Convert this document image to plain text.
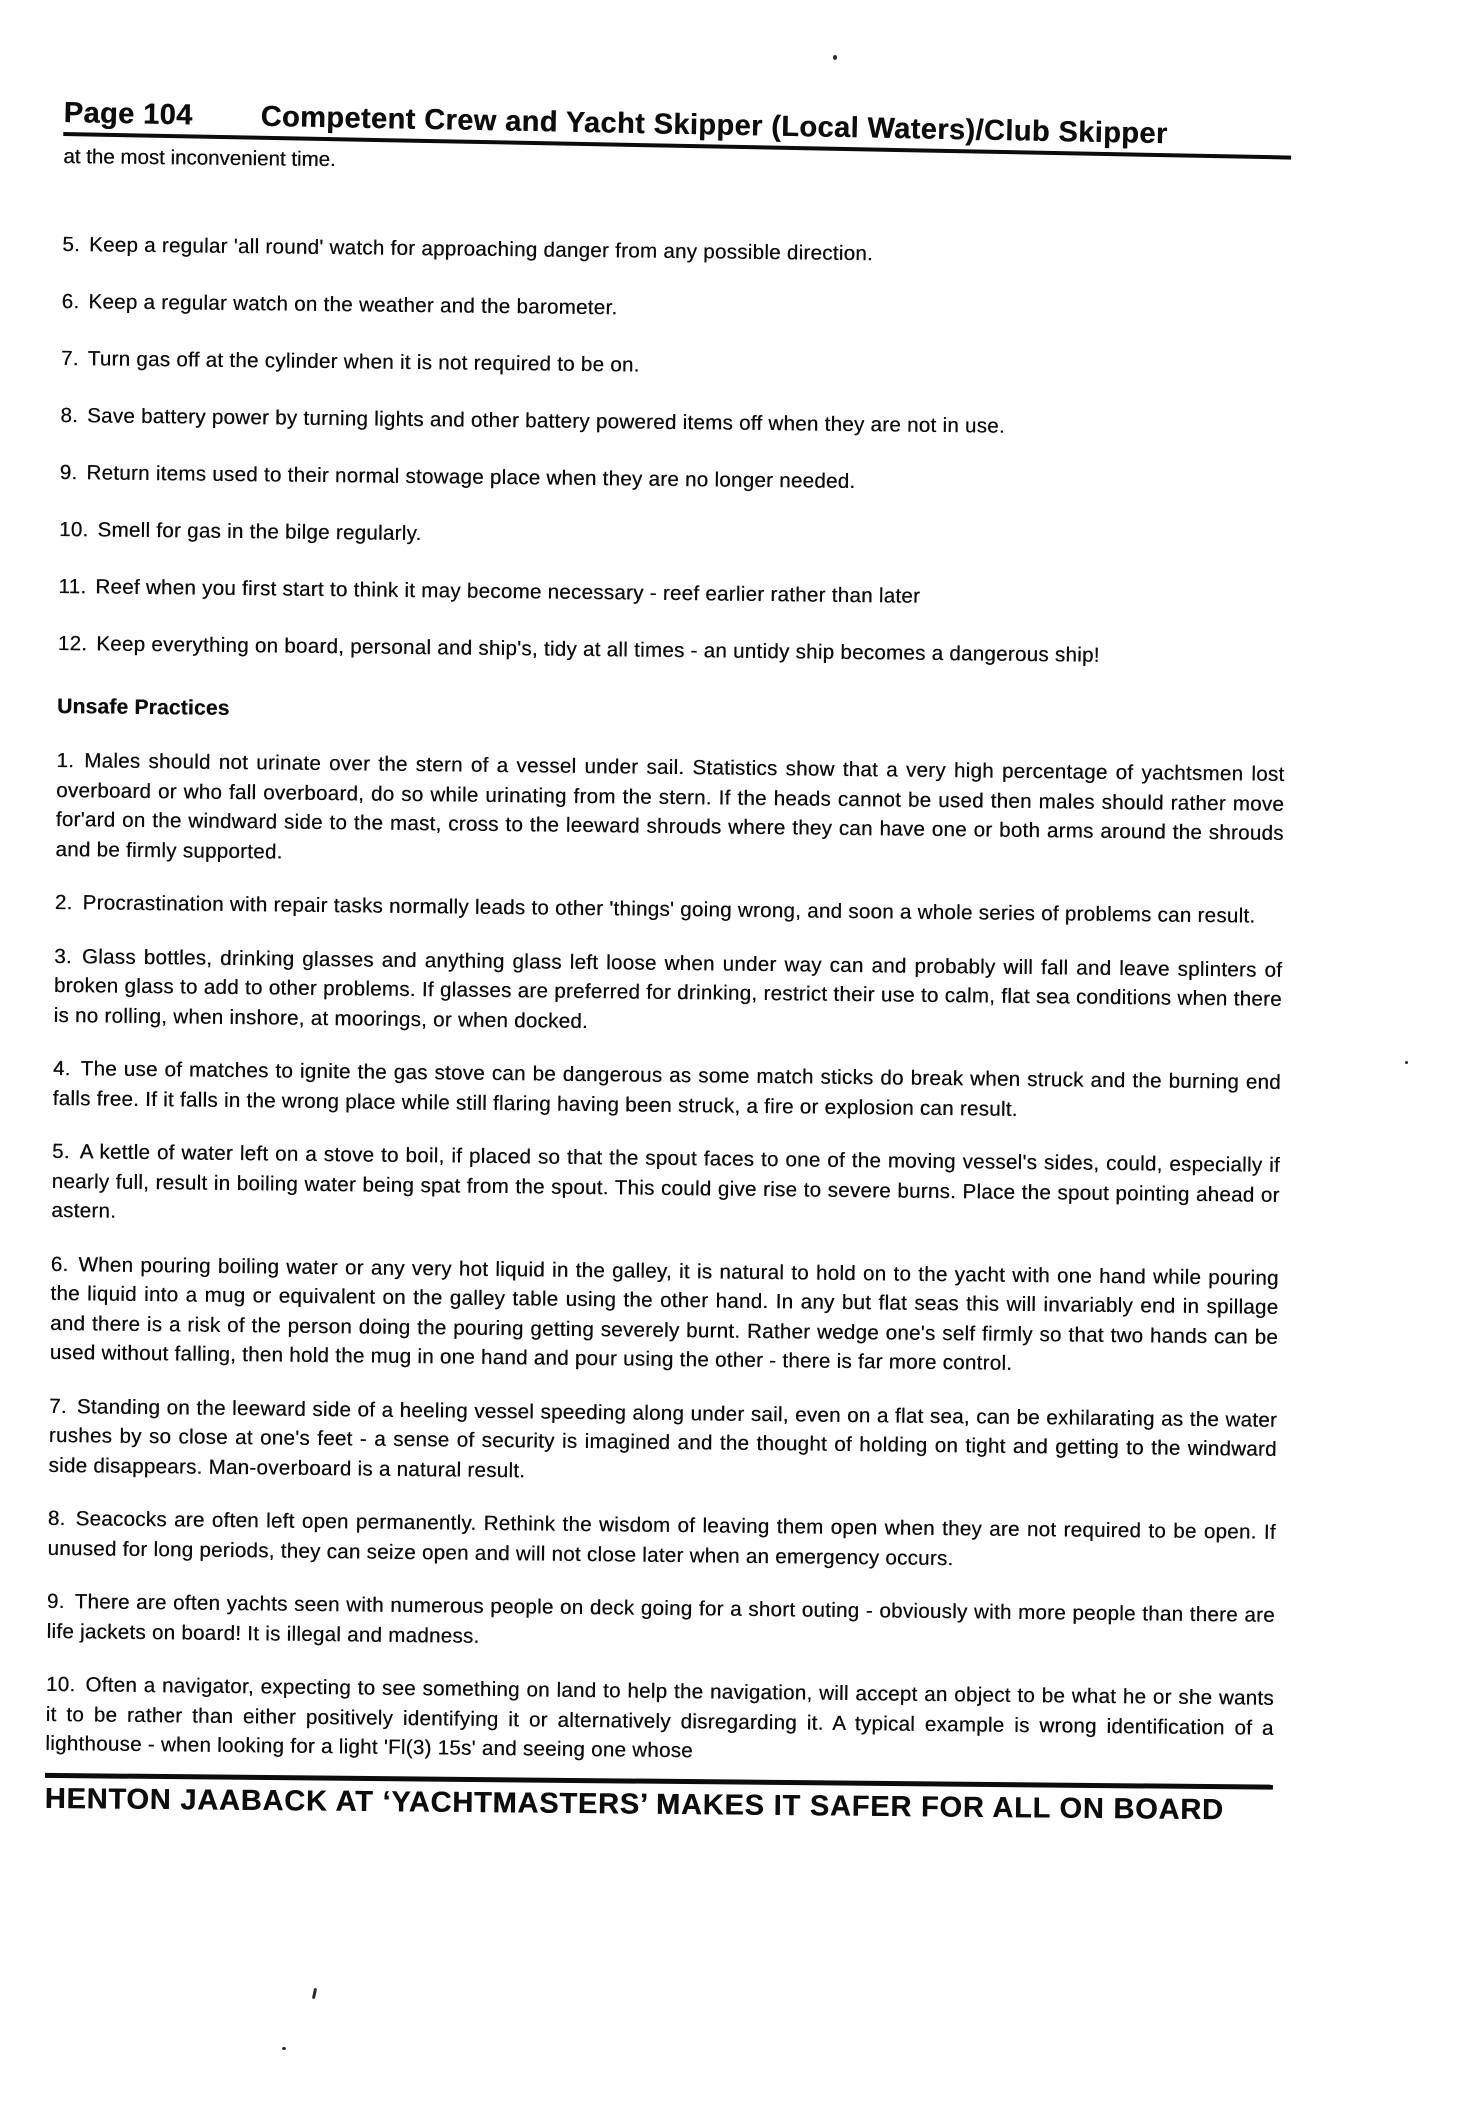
Page 104 Competent Crew and Yacht Skipper (Local Waters)/Club Skipper
at the most inconvenient time.
5. Keep a regular 'all round' watch for approaching danger from any possible direction.
6. Keep a regular watch on the weather and the barometer.
7. Turn gas off at the cylinder when it is not required to be on.
8. Save battery power by turning lights and other battery powered items off when they are not in use.
9. Return items used to their normal stowage place when they are no longer needed.
10. Smell for gas in the bilge regularly.
11. Reef when you first start to think it may become necessary - reef earlier rather than later
12. Keep everything on board, personal and ship's, tidy at all times - an untidy ship becomes a dangerous ship!
Unsafe Practices
1. Males should not urinate over the stern of a vessel under sail. Statistics show that a very high percentage of yachtsmen lost overboard or who fall overboard, do so while urinating from the stern. If the heads cannot be used then males should rather move for'ard on the windward side to the mast, cross to the leeward shrouds where they can have one or both arms around the shrouds and be firmly supported.
2. Procrastination with repair tasks normally leads to other 'things' going wrong, and soon a whole series of problems can result.
3. Glass bottles, drinking glasses and anything glass left loose when under way can and probably will fall and leave splinters of broken glass to add to other problems. If glasses are preferred for drinking, restrict their use to calm, flat sea conditions when there is no rolling, when inshore, at moorings, or when docked.
4. The use of matches to ignite the gas stove can be dangerous as some match sticks do break when struck and the burning end falls free. If it falls in the wrong place while still flaring having been struck, a fire or explosion can result.
5. A kettle of water left on a stove to boil, if placed so that the spout faces to one of the moving vessel's sides, could, especially if nearly full, result in boiling water being spat from the spout. This could give rise to severe burns. Place the spout pointing ahead or astern.
6. When pouring boiling water or any very hot liquid in the galley, it is natural to hold on to the yacht with one hand while pouring the liquid into a mug or equivalent on the galley table using the other hand. In any but flat seas this will invariably end in spillage and there is a risk of the person doing the pouring getting severely burnt. Rather wedge one's self firmly so that two hands can be used without falling, then hold the mug in one hand and pour using the other - there is far more control.
7. Standing on the leeward side of a heeling vessel speeding along under sail, even on a flat sea, can be exhilarating as the water rushes by so close at one's feet - a sense of security is imagined and the thought of holding on tight and getting to the windward side disappears. Man-overboard is a natural result.
8. Seacocks are often left open permanently. Rethink the wisdom of leaving them open when they are not required to be open. If unused for long periods, they can seize open and will not close later when an emergency occurs.
9. There are often yachts seen with numerous people on deck going for a short outing - obviously with more people than there are life jackets on board! It is illegal and madness.
10. Often a navigator, expecting to see something on land to help the navigation, will accept an object to be what he or she wants it to be rather than either positively identifying it or alternatively disregarding it. A typical example is wrong identification of a lighthouse - when looking for a light 'Fl(3) 15s' and seeing one whose
HENTON JAABACK AT ‘YACHTMASTERS’ MAKES IT SAFER FOR ALL ON BOARD
